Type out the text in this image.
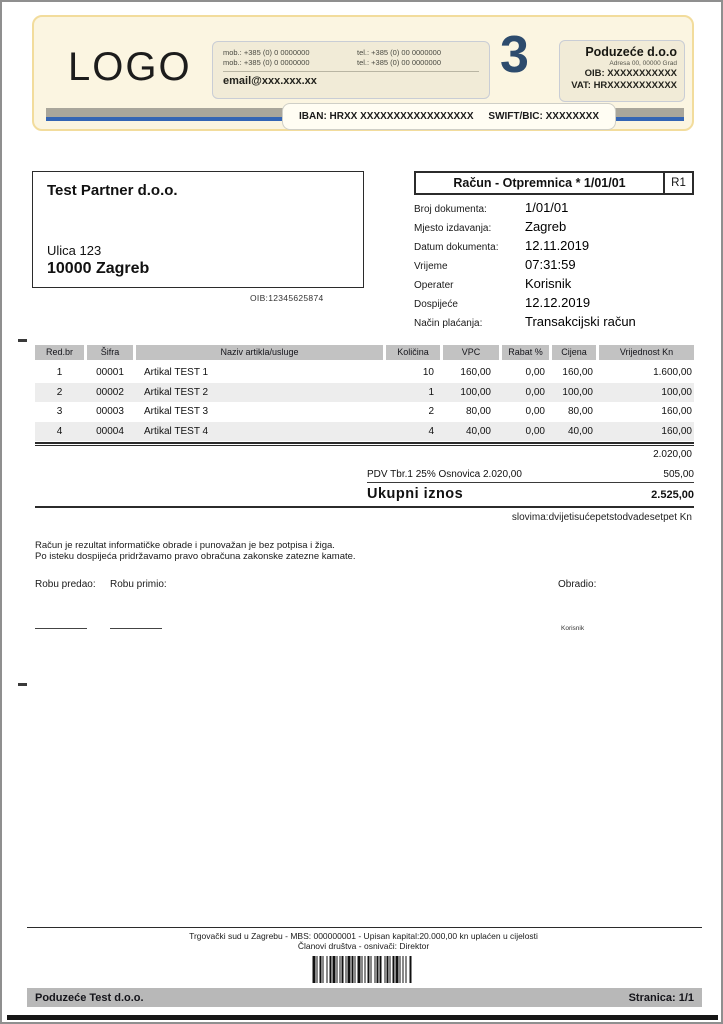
LOGO	mob.: +385 (0) 0 0000000
mob.: +385 (0) 0 0000000
tel.: +385 (0) 00 0000000
tel.: +385 (0) 00 0000000
email@xxx.xxx.xx	3	Poduzeće d.o.o
Adresa 00, 00000 Grad
OIB: XXXXXXXXXXX
VAT: HRXXXXXXXXXXX
IBAN: HRXX XXXXXXXXXXXXXXXXX SWIFT/BIC: XXXXXXXX
Test Partner d.o.o.
Ulica 123
10000 Zagreb
OIB:12345625874
Račun - Otpremnica * 1/01/01	R1
Broj dokumenta:	1/01/01
Mjesto izdavanja:	Zagreb
Datum dokumenta:	12.11.2019
Vrijeme	07:31:59
Operater	Korisnik
Dospijeće	12.12.2019
Način plaćanja:	Transakcijski račun
Red.br	Šifra	Naziv artikla/usluge	Količina	VPC	Rabat %	Cijena	Vrijednost Kn
1	00001	Artikal TEST 1	10	160,00	0,00	160,00	1.600,00
2	00002	Artikal TEST 2	1	100,00	0,00	100,00	100,00
3	00003	Artikal TEST 3	2	80,00	0,00	80,00	160,00
4	00004	Artikal TEST 4	4	40,00	0,00	40,00	160,00
2.020,00
PDV Tbr.1 25% Osnovica 2.020,00	505,00
Ukupni iznos	2.525,00
slovima:dvijetisućepetstodvadesetpet Kn
Račun je rezultat informatičke obrade i punovažan je bez potpisa i žiga.
Po isteku dospijeća pridržavamo pravo obračuna zakonske zatezne kamate.
Robu predao: Robu primio:	Obradio:
Korisnik
Trgovački sud u Zagrebu - MBS: 000000001 - Upisan kapital:20.000,00 kn uplaćen u cijelosti
Članovi društva - osnivači: Direktor
Poduzeće Test d.o.o.	Stranica: 1/1
